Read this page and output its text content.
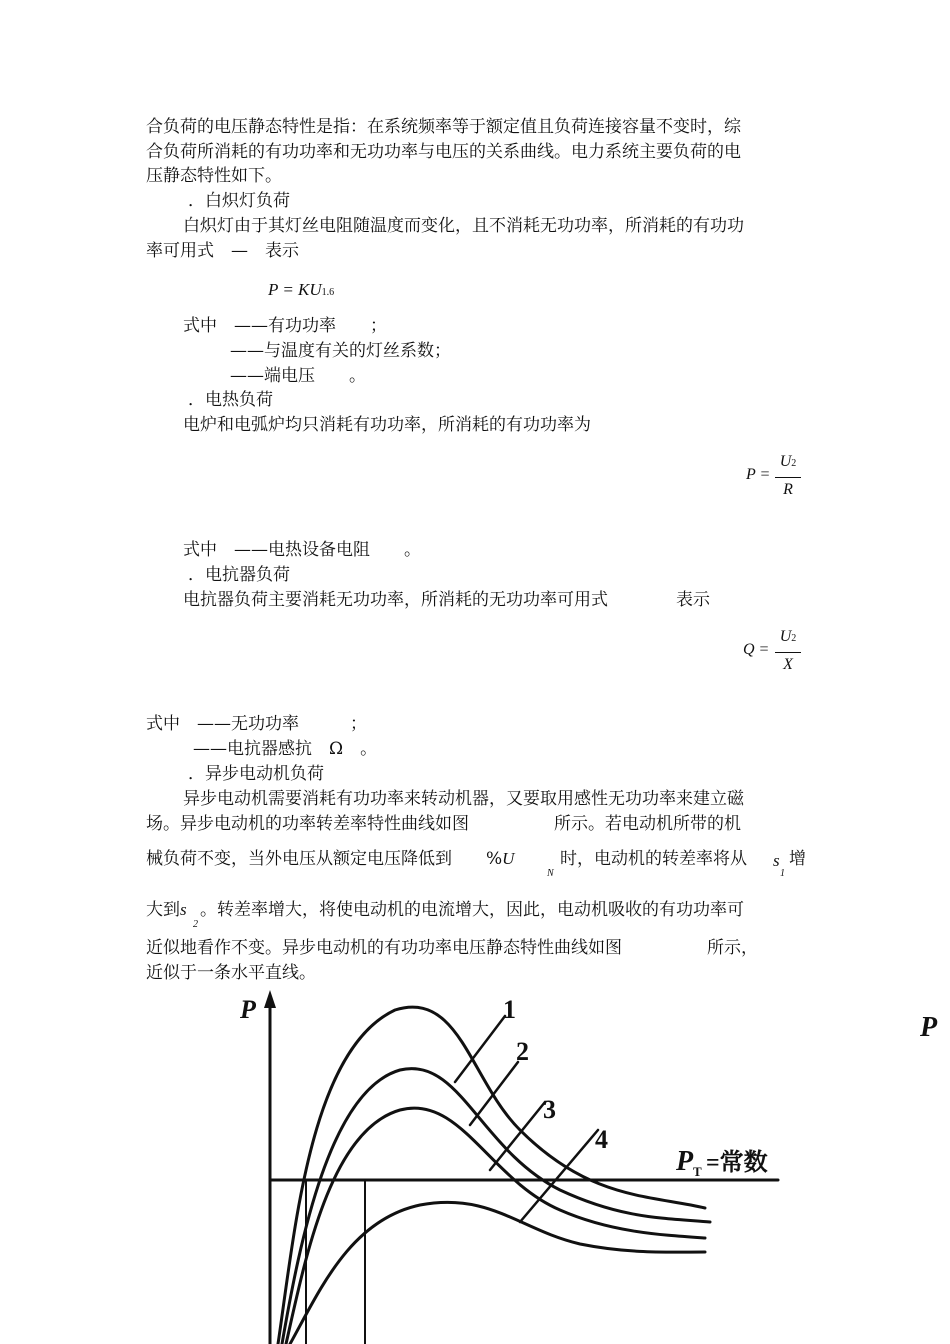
合负荷的电压静态特性是指：在系统频率等于额定值且负荷连接容量不变时，综
合负荷所消耗的有功功率和无功功率与电压的关系曲线。电力系统主要负荷的电
压静态特性如下。
．白炽灯负荷
白炽灯由于其灯丝电阻随温度而变化，且不消耗无功功率，所消耗的有功功
率可用式　—　表示
P = KU1.6
式中　——有功功率　　；
——与温度有关的灯丝系数；
——端电压　　。
．电热负荷
电炉和电弧炉均只消耗有功功率，所消耗的有功功率为
P =
U2
R
式中　——电热设备电阻　　。
．电抗器负荷
电抗器负荷主要消耗无功功率，所消耗的无功功率可用式　　　　表示
Q =
U2
X
式中　——无功功率　　　；
——电抗器感抗　Ω　。
．异步电动机负荷
异步电动机需要消耗有功功率来转动机器，又要取用感性无功功率来建立磁
场。异步电动机的功率转差率特性曲线如图　　　　　所示。若电动机所带的机
械负荷不变，当外电压从额定电压降低到　　%U
N
时，电动机的转差率将从 s
1
增
大到s
2
。转差率增大，将使电动机的电流增大，因此，电动机吸收的有功功率可
近似地看作不变。异步电动机的有功功率电压静态特性曲线如图　　　　　所示，
近似于一条水平直线。
P	1
2
3
4
P T =常数
P
